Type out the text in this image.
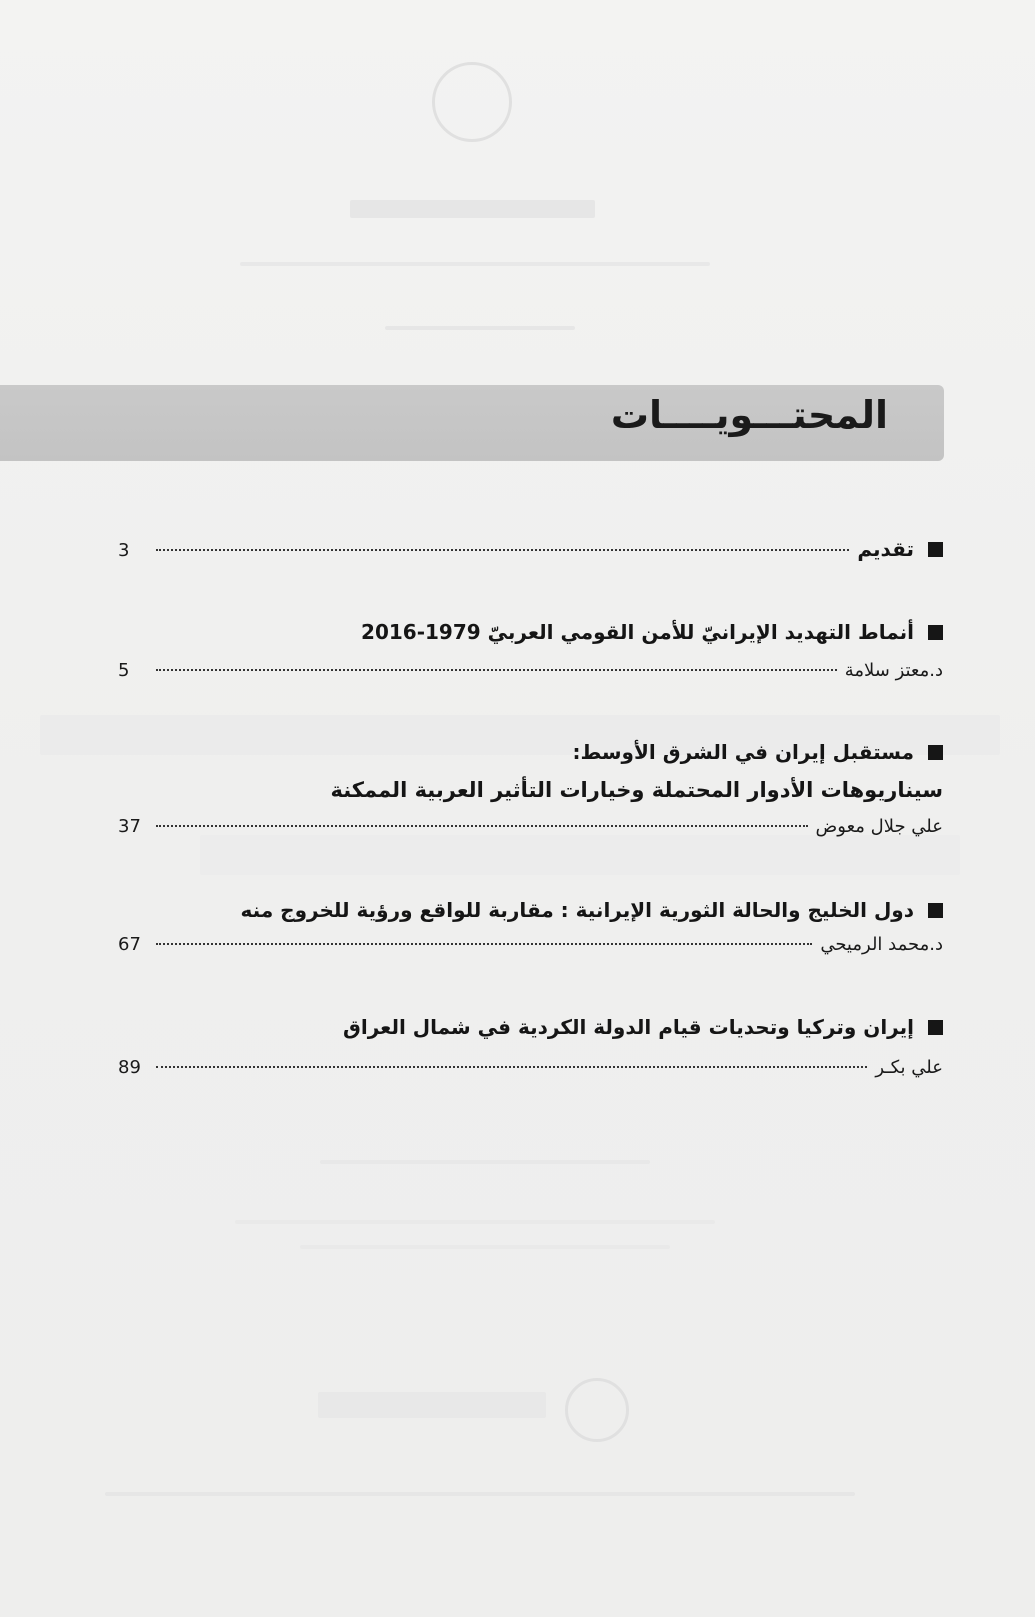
المحتـــويــــات
تقديم
3
أنماط التهديد الإيرانيّ للأمن القومي العربيّ 1979-2016
د.معتز سلامة
5
مستقبل إيران في الشرق الأوسط:
سيناريوهات الأدوار المحتملة وخيارات التأثير العربية الممكنة
علي جلال معوض
37
دول الخليج والحالة الثورية الإيرانية : مقاربة للواقع ورؤية للخروج منه
د.محمد الرميحي
67
إيران وتركيا وتحديات قيام الدولة الكردية في شمال العراق
علي بكـر
89
